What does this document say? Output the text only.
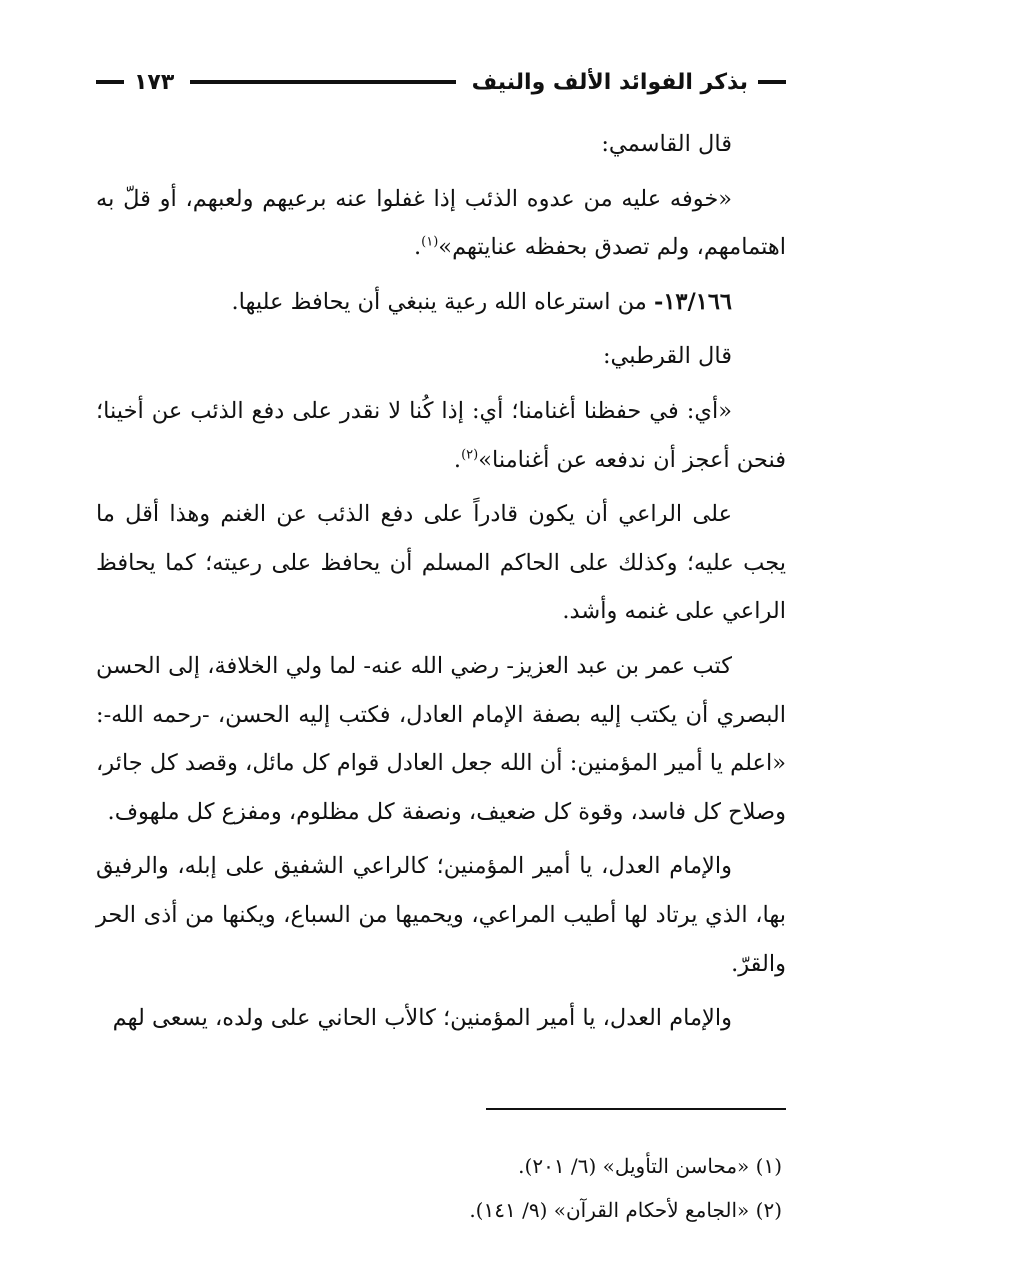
بذكر الفوائد الألف والنيف
١٧٣

قال القاسمي:

«خوفه عليه من عدوه الذئب إذا غفلوا عنه برعيهم ولعبهم، أو قلّ به اهتمامهم، ولم تصدق بحفظه عنايتهم»$^{(١)}$.

١٣/١٦٦- من استرعاه الله رعية ينبغي أن يحافظ عليها.

قال القرطبي:

«أي: في حفظنا أغنامنا؛ أي: إذا كُنا لا نقدر على دفع الذئب عن أخينا؛ فنحن أعجز أن ندفعه عن أغنامنا»$^{(٢)}$.

على الراعي أن يكون قادراً على دفع الذئب عن الغنم وهذا أقل ما يجب عليه؛ وكذلك على الحاكم المسلم أن يحافظ على رعيته؛ كما يحافظ الراعي على غنمه وأشد.

كتب عمر بن عبد العزيز- رضي الله عنه- لما ولي الخلافة، إلى الحسن البصري أن يكتب إليه بصفة الإمام العادل، فكتب إليه الحسن، -رحمه الله-: «اعلم يا أمير المؤمنين: أن الله جعل العادل قوام كل مائل، وقصد كل جائر، وصلاح كل فاسد، وقوة كل ضعيف، ونصفة كل مظلوم، ومفزع كل ملهوف.

والإمام العدل، يا أمير المؤمنين؛ كالراعي الشفيق على إبله، والرفيق بها، الذي يرتاد لها أطيب المراعي، ويحميها من السباع، ويكنها من أذى الحر والقرّ.

والإمام العدل، يا أمير المؤمنين؛ كالأب الحاني على ولده، يسعى لهم

(١) «محاسن التأويل» (٦/ ٢٠١).

(٢) «الجامع لأحكام القرآن» (٩/ ١٤١).
